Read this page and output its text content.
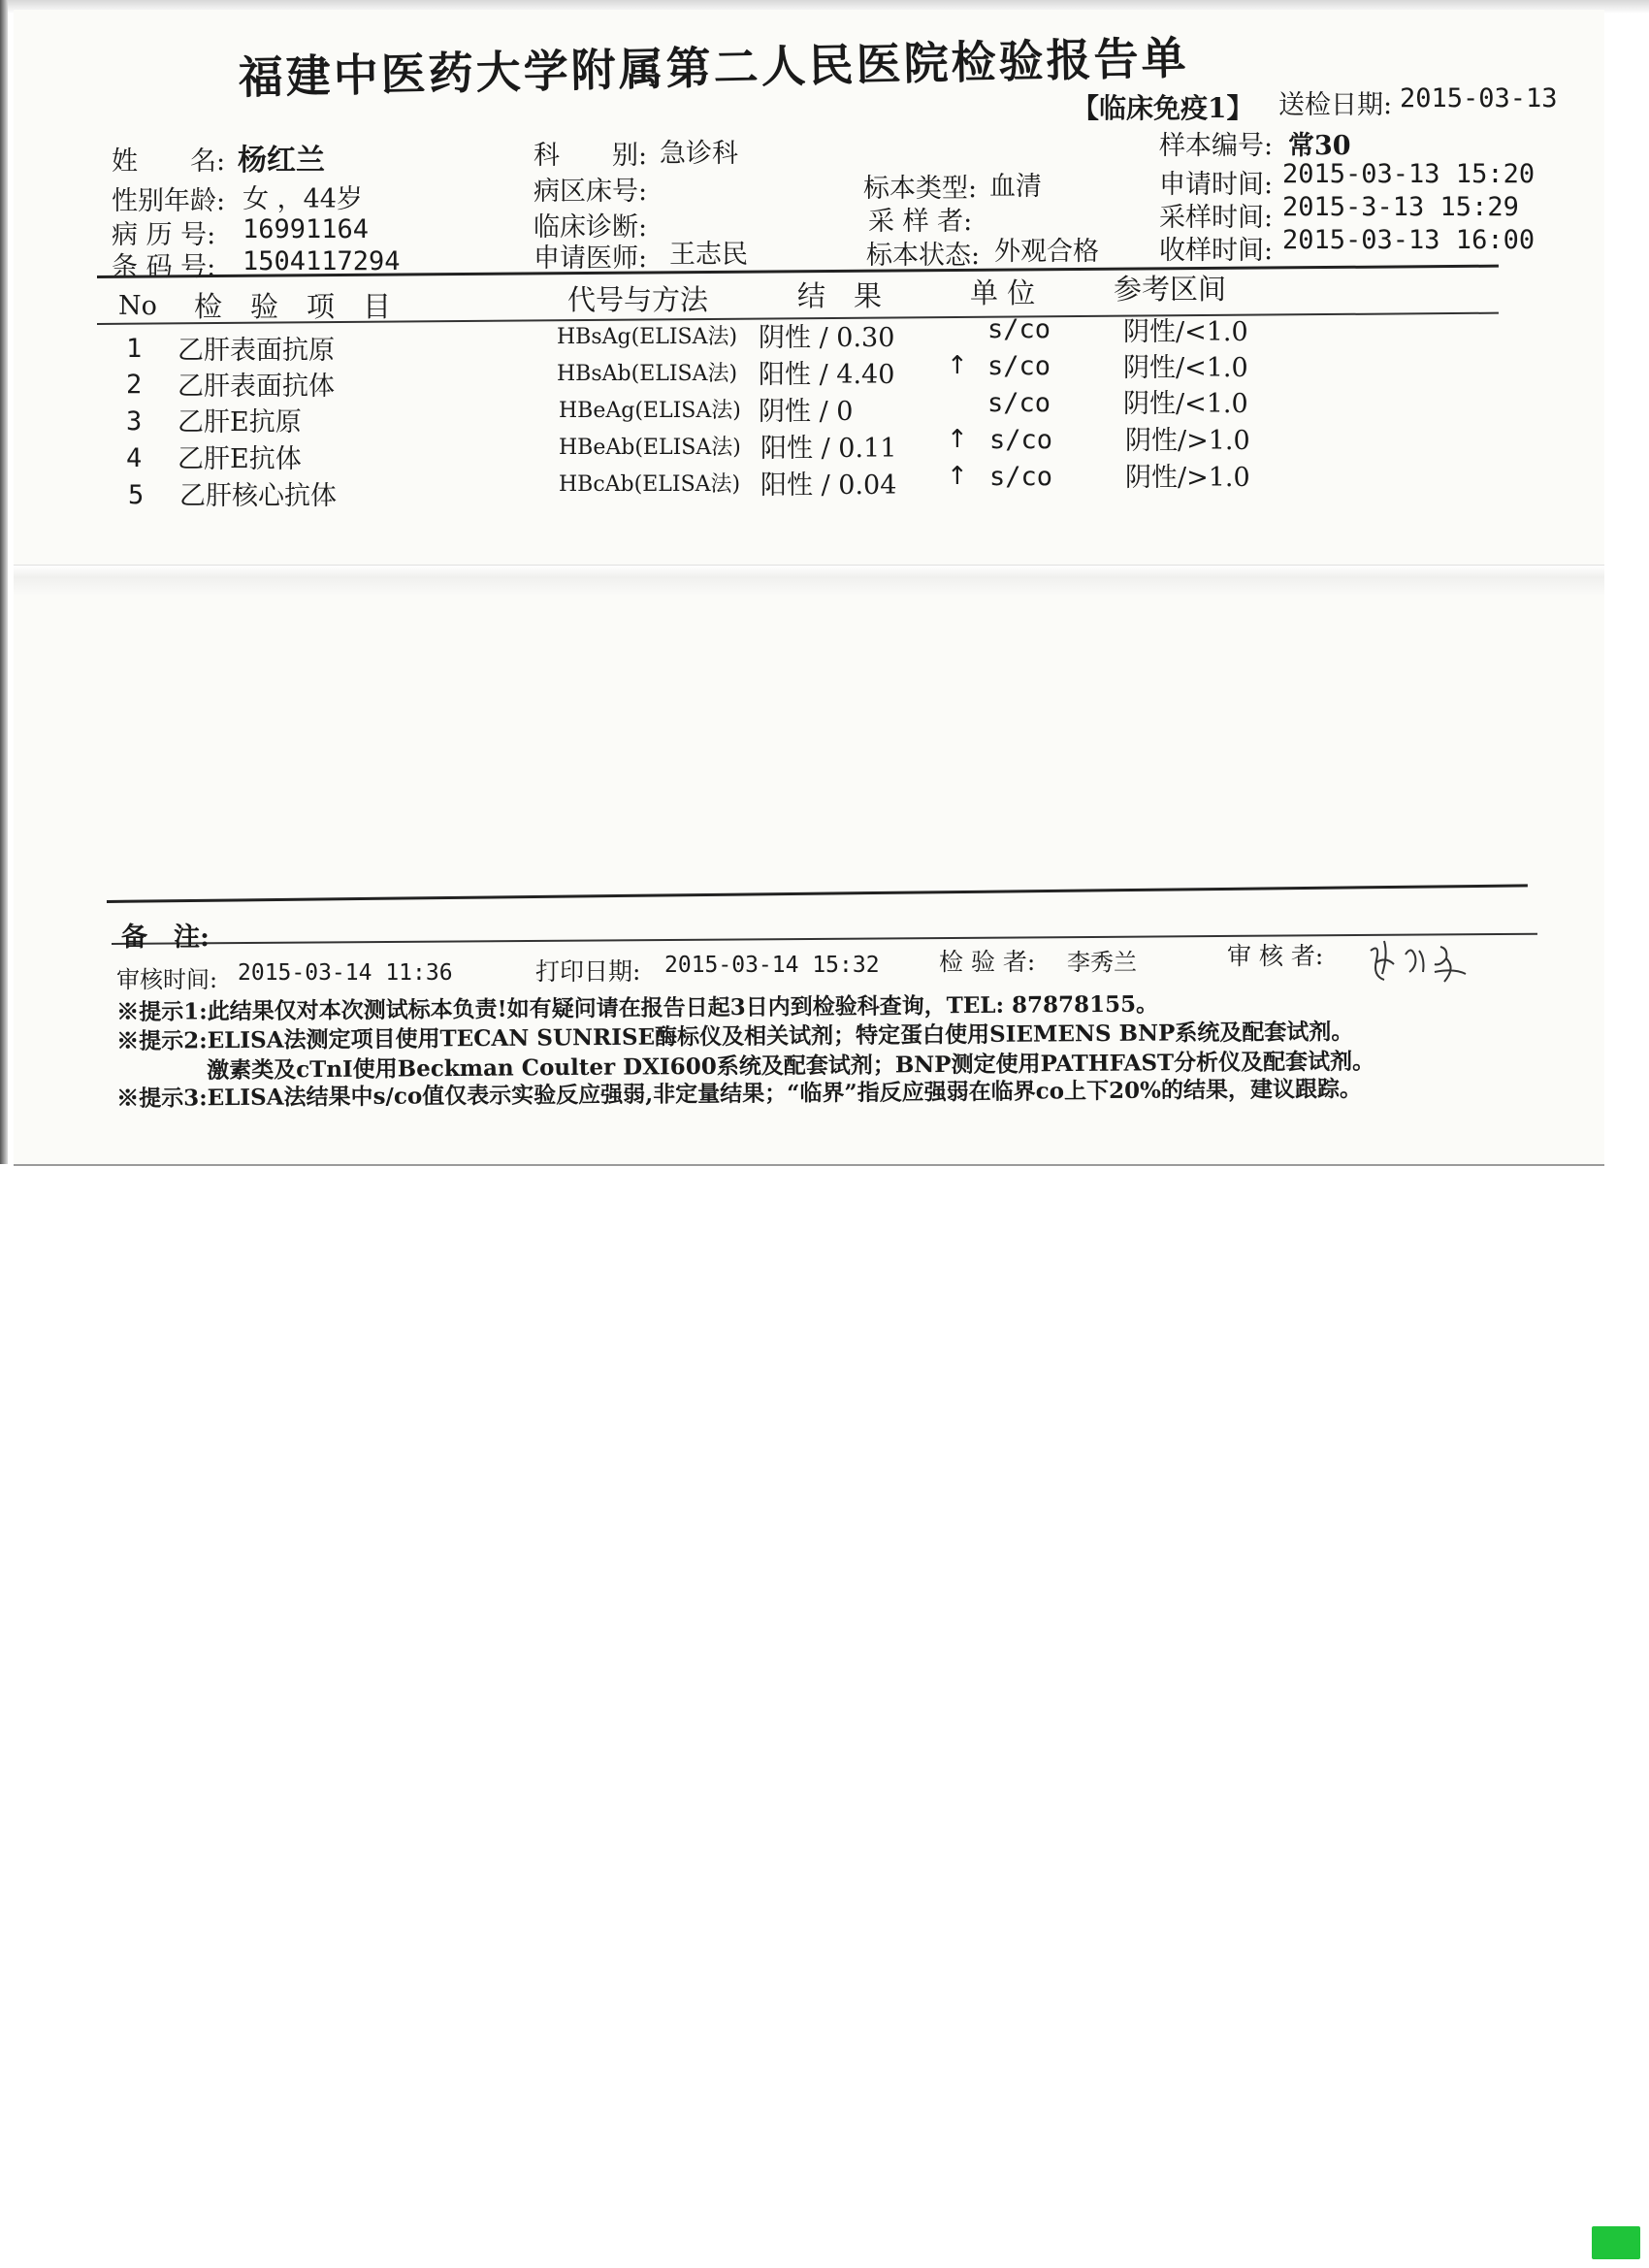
福建中医药大学附属第二人民医院检验报告单
【临床免疫1】 送检日期: 2015-03-13
样本编号: 常30
姓　　名: 杨红兰
性别年龄: 女 ，44岁
病 历 号: 16991164
条 码 号: 1504117294
科　　别: 急诊科
病区床号:
临床诊断:
申请医师: 王志民
标本类型: 血清
采 样 者:
标本状态: 外观合格
申请时间: 2015-03-13 15:20
采样时间: 2015-3-13 15:29
收样时间: 2015-03-13 16:00
No 检　验　项　目	代号与方法	结　果	单 位	参考区间
1 乙肝表面抗原	HBsAg(ELISA法) 阴性 / 0.30	s/co	阴性/<1.0
2 乙肝表面抗体	HBsAb(ELISA法) 阳性 / 4.40 ↑ s/co	阴性/<1.0
3 乙肝E抗原	HBeAg(ELISA法) 阴性 / 0	s/co	阴性/<1.0
4 乙肝E抗体	HBeAb(ELISA法) 阳性 / 0.11 ↑ s/co	阴性/>1.0
5 乙肝核心抗体	HBcAb(ELISA法) 阳性 / 0.04 ↑ s/co	阴性/>1.0
备　注:
审核时间: 2015-03-14 11:36	打印日期: 2015-03-14 15:32 检 验 者: 李秀兰	审 核 者:
※提示1:此结果仅对本次测试标本负责!如有疑问请在报告日起3日内到检验科查询，TEL: 87878155。
※提示2:ELISA法测定项目使用TECAN SUNRISE酶标仪及相关试剂；特定蛋白使用SIEMENS BNP系统及配套试剂。
激素类及cTnI使用Beckman Coulter DXI600系统及配套试剂；BNP测定使用PATHFAST分析仪及配套试剂。
※提示3:ELISA法结果中s/co值仅表示实验反应强弱,非定量结果；“临界”指反应强弱在临界co上下20%的结果，建议跟踪。
